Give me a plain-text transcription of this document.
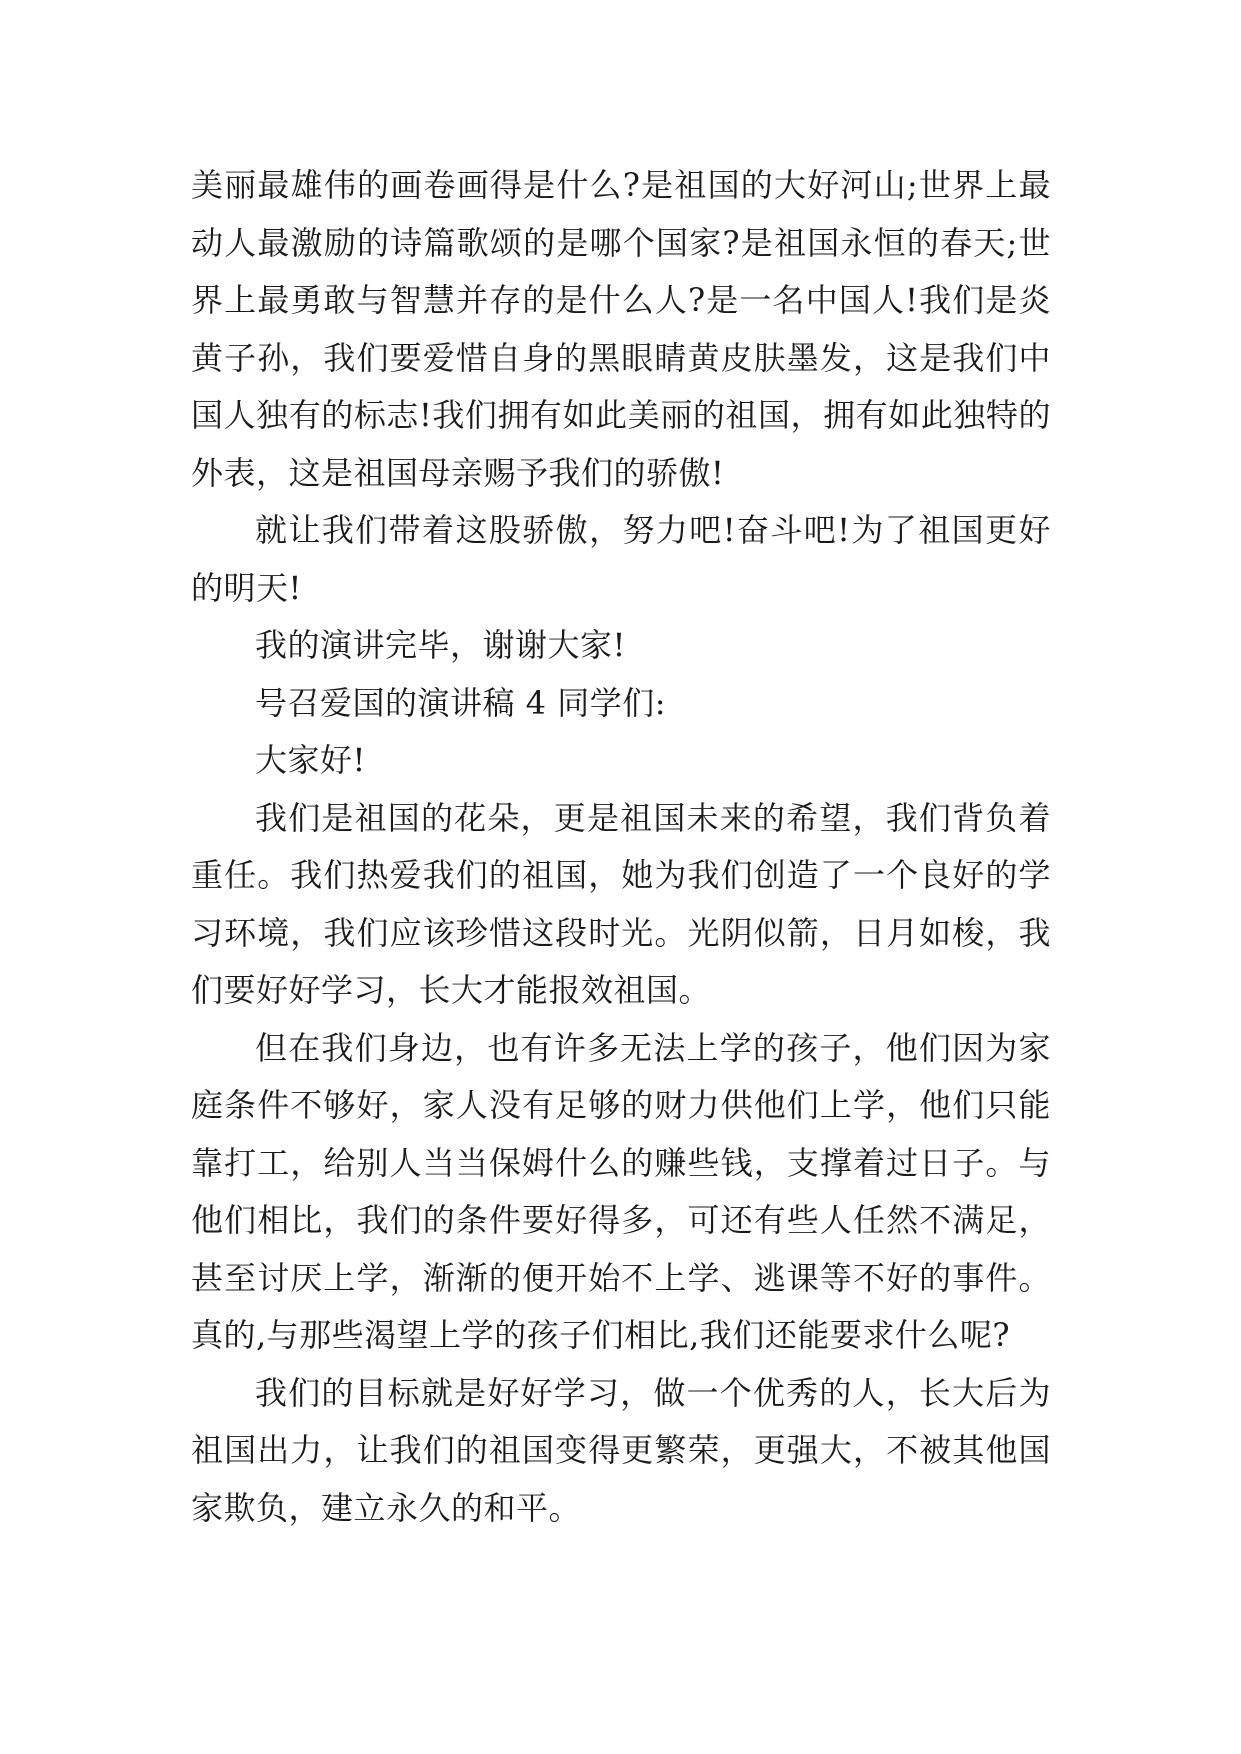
美丽最雄伟的画卷画得是什么?是祖国的大好河山;世界上最动人最激励的诗篇歌颂的是哪个国家?是祖国永恒的春天;世界上最勇敢与智慧并存的是什么人?是一名中国人!我们是炎黄子孙，我们要爱惜自身的黑眼睛黄皮肤墨发，这是我们中国人独有的标志!我们拥有如此美丽的祖国，拥有如此独特的外表，这是祖国母亲赐予我们的骄傲!

就让我们带着这股骄傲，努力吧!奋斗吧!为了祖国更好的明天!

我的演讲完毕，谢谢大家!

号召爱国的演讲稿 4 同学们:

大家好!

我们是祖国的花朵，更是祖国未来的希望，我们背负着重任。我们热爱我们的祖国，她为我们创造了一个良好的学习环境，我们应该珍惜这段时光。光阴似箭，日月如梭，我们要好好学习，长大才能报效祖国。

但在我们身边，也有许多无法上学的孩子，他们因为家庭条件不够好，家人没有足够的财力供他们上学，他们只能靠打工，给别人当当保姆什么的赚些钱，支撑着过日子。与他们相比，我们的条件要好得多，可还有些人任然不满足，甚至讨厌上学，渐渐的便开始不上学、逃课等不好的事件。真的,与那些渴望上学的孩子们相比,我们还能要求什么呢?

我们的目标就是好好学习，做一个优秀的人，长大后为祖国出力，让我们的祖国变得更繁荣，更强大，不被其他国家欺负，建立永久的和平。
